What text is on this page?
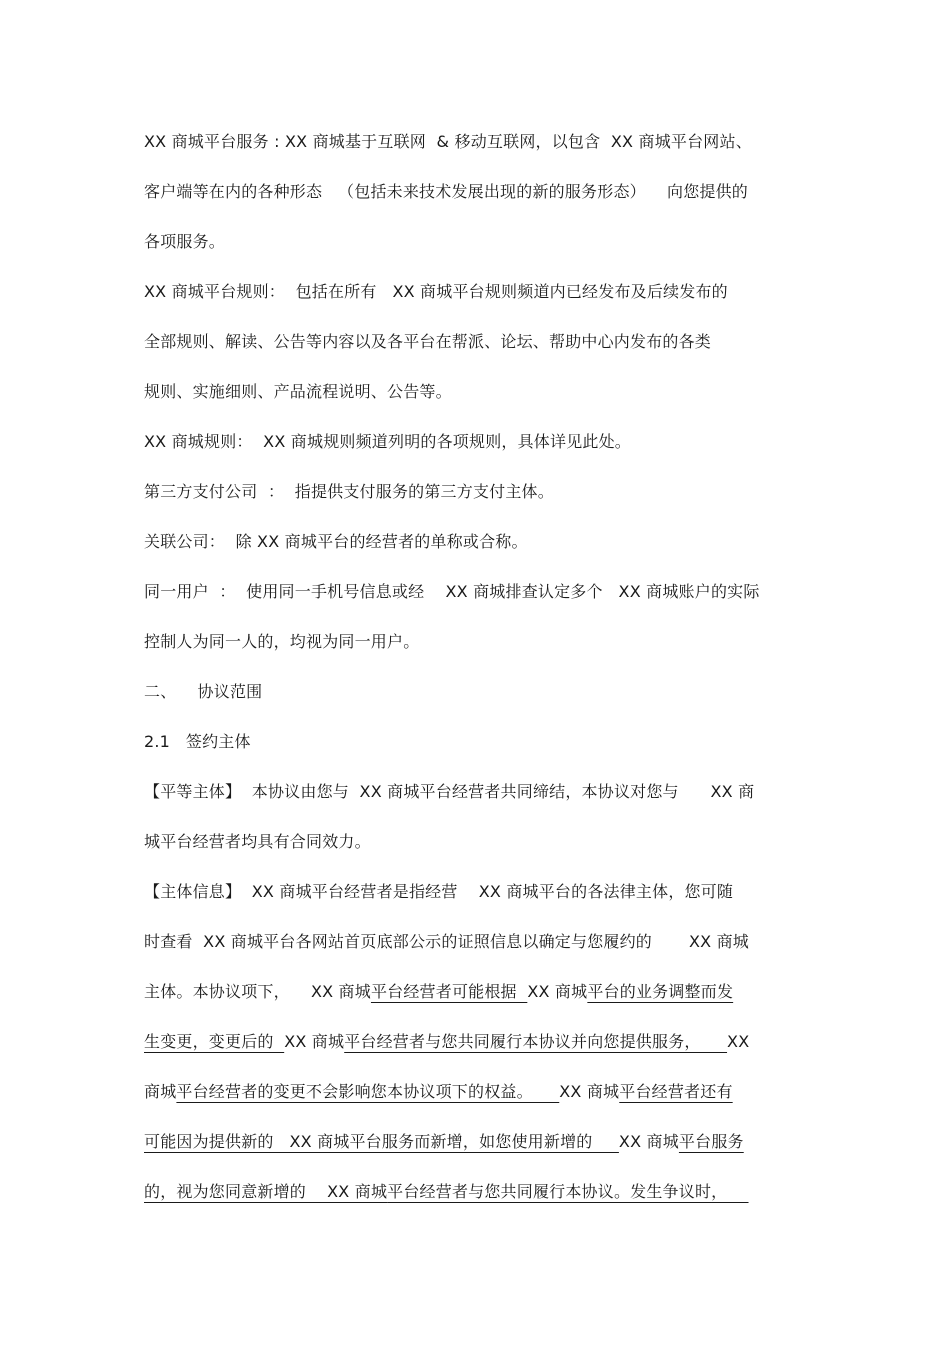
XX 商城平台服务 : XX 商城基于互联网  & 移动互联网，以包含  XX 商城平台网站、
客户端等在内的各种形态   （包括未来技术发展出现的新的服务形态）    向您提供的
各项服务。
XX 商城平台规则：  包括在所有   XX 商城平台规则频道内已经发布及后续发布的
全部规则、解读、公告等内容以及各平台在帮派、论坛、帮助中心内发布的各类
规则、实施细则、产品流程说明、公告等。
XX 商城规则：  XX 商城规则频道列明的各项规则，具体详见此处。
第三方支付公司  ：  指提供支付服务的第三方支付主体。
关联公司：  除 XX 商城平台的经营者的单称或合称。
同一用户  ：  使用同一手机号信息或经    XX 商城排查认定多个   XX 商城账户的实际
控制人为同一人的，均视为同一用户。
二、    协议范围
2.1   签约主体
【平等主体】  本协议由您与  XX 商城平台经营者共同缔结，本协议对您与      XX 商
城平台经营者均具有合同效力。
【主体信息】  XX 商城平台经营者是指经营    XX 商城平台的各法律主体，您可随
时查看  XX 商城平台各网站首页底部公示的证照信息以确定与您履约的       XX 商城
主体。本协议项下，    XX 商城平台经营者可能根据  XX 商城平台的业务调整而发
生变更，变更后的  XX 商城平台经营者与您共同履行本协议并向您提供服务，     XX
商城平台经营者的变更不会影响您本协议项下的权益。     XX 商城平台经营者还有
可能因为提供新的   XX 商城平台服务而新增，如您使用新增的     XX 商城平台服务
的，视为您同意新增的    XX 商城平台经营者与您共同履行本协议。发生争议时，
